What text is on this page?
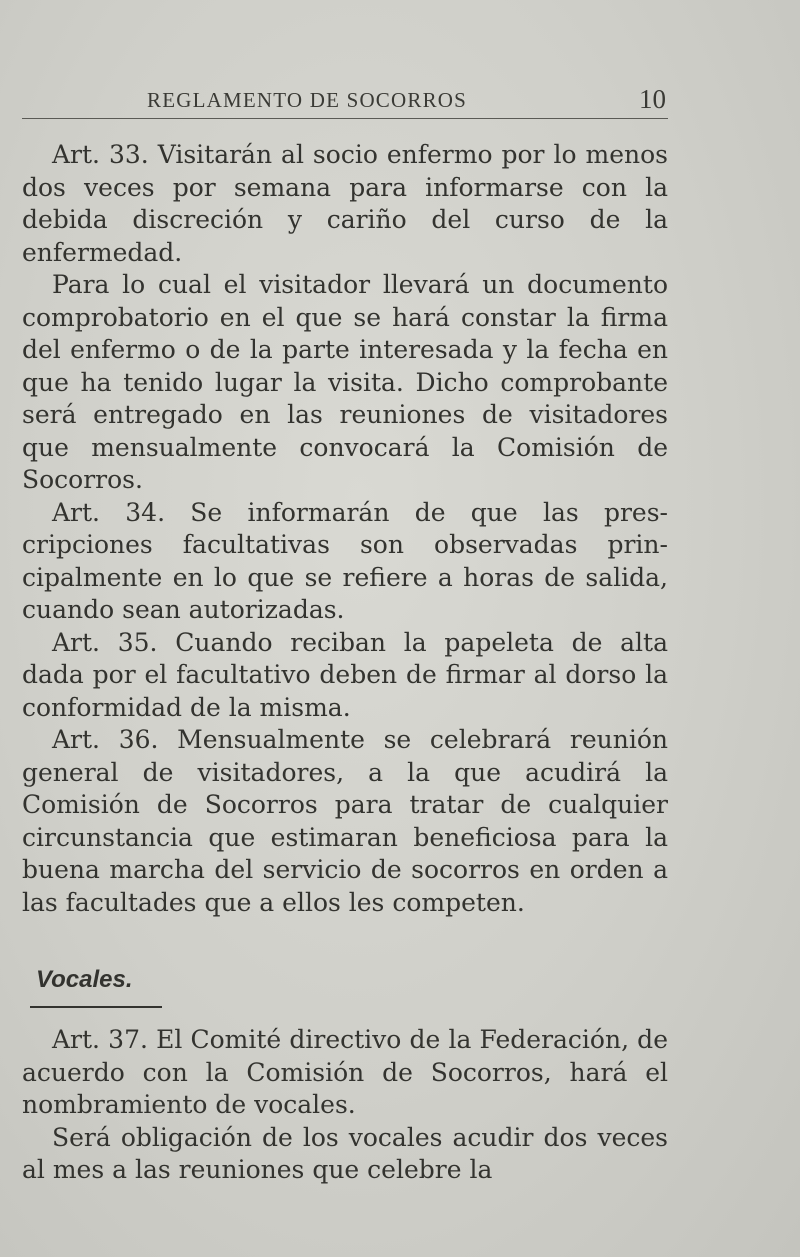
REGLAMENTO DE SOCORROS	10

Art. 33. Visitarán al socio enfermo por lo menos dos veces por semana para informarse con la debida discreción y cariño del curso de la enfermedad.

Para lo cual el visitador llevará un documento comprobatorio en el que se hará constar la firma del enfermo o de la parte interesada y la fecha en que ha tenido lugar la visita. Dicho comprobante será entregado en las reuniones de visitadores que mensualmente convocará la Comisión de Socorros.

Art. 34. Se informarán de que las prescripciones facultativas son observadas principalmente en lo que se refiere a horas de salida, cuando sean autorizadas.

Art. 35. Cuando reciban la papeleta de alta dada por el facultativo deben de firmar al dorso la conformidad de la misma.

Art. 36. Mensualmente se celebrará reunión general de visitadores, a la que acudirá la Comisión de Socorros para tratar de cualquier circunstancia que estimaran beneficiosa para la buena marcha del servicio de socorros en orden a las facultades que a ellos les competen.

Vocales.

Art. 37. El Comité directivo de la Federación, de acuerdo con la Comisión de Socorros, hará el nombramiento de vocales.

Será obligación de los vocales acudir dos veces al mes a las reuniones que celebre la
